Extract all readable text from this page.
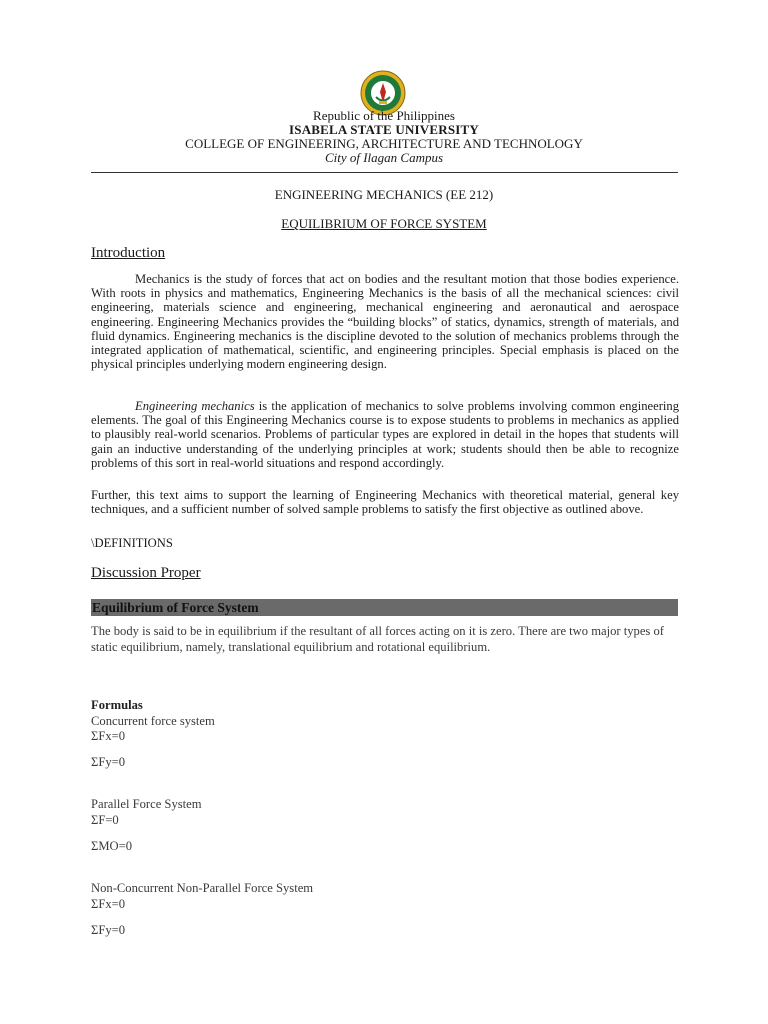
Republic of the Philippines
ISABELA STATE UNIVERSITY
COLLEGE OF ENGINEERING, ARCHITECTURE AND TECHNOLOGY
City of Ilagan Campus
ENGINEERING MECHANICS (EE 212)
EQUILIBRIUM OF FORCE SYSTEM
Introduction
Mechanics is the study of forces that act on bodies and the resultant motion that those bodies experience. With roots in physics and mathematics, Engineering Mechanics is the basis of all the mechanical sciences: civil engineering, materials science and engineering, mechanical engineering and aeronautical and aerospace engineering. Engineering Mechanics provides the “building blocks” of statics, dynamics, strength of materials, and fluid dynamics. Engineering mechanics is the discipline devoted to the solution of mechanics problems through the integrated application of mathematical, scientific, and engineering principles. Special emphasis is placed on the physical principles underlying modern engineering design.
Engineering mechanics is the application of mechanics to solve problems involving common engineering elements. The goal of this Engineering Mechanics course is to expose students to problems in mechanics as applied to plausibly real-world scenarios. Problems of particular types are explored in detail in the hopes that students will gain an inductive understanding of the underlying principles at work; students should then be able to recognize problems of this sort in real-world situations and respond accordingly.
Further, this text aims to support the learning of Engineering Mechanics with theoretical material, general key techniques, and a sufficient number of solved sample problems to satisfy the first objective as outlined above.
\DEFINITIONS
Discussion Proper
Equilibrium of Force System
The body is said to be in equilibrium if the resultant of all forces acting on it is zero. There are two major types of static equilibrium, namely, translational equilibrium and rotational equilibrium.
Formulas
Concurrent force system
ΣFx=0
ΣFy=0
Parallel Force System
ΣF=0
ΣMO=0
Non-Concurrent Non-Parallel Force System
ΣFx=0
ΣFy=0
